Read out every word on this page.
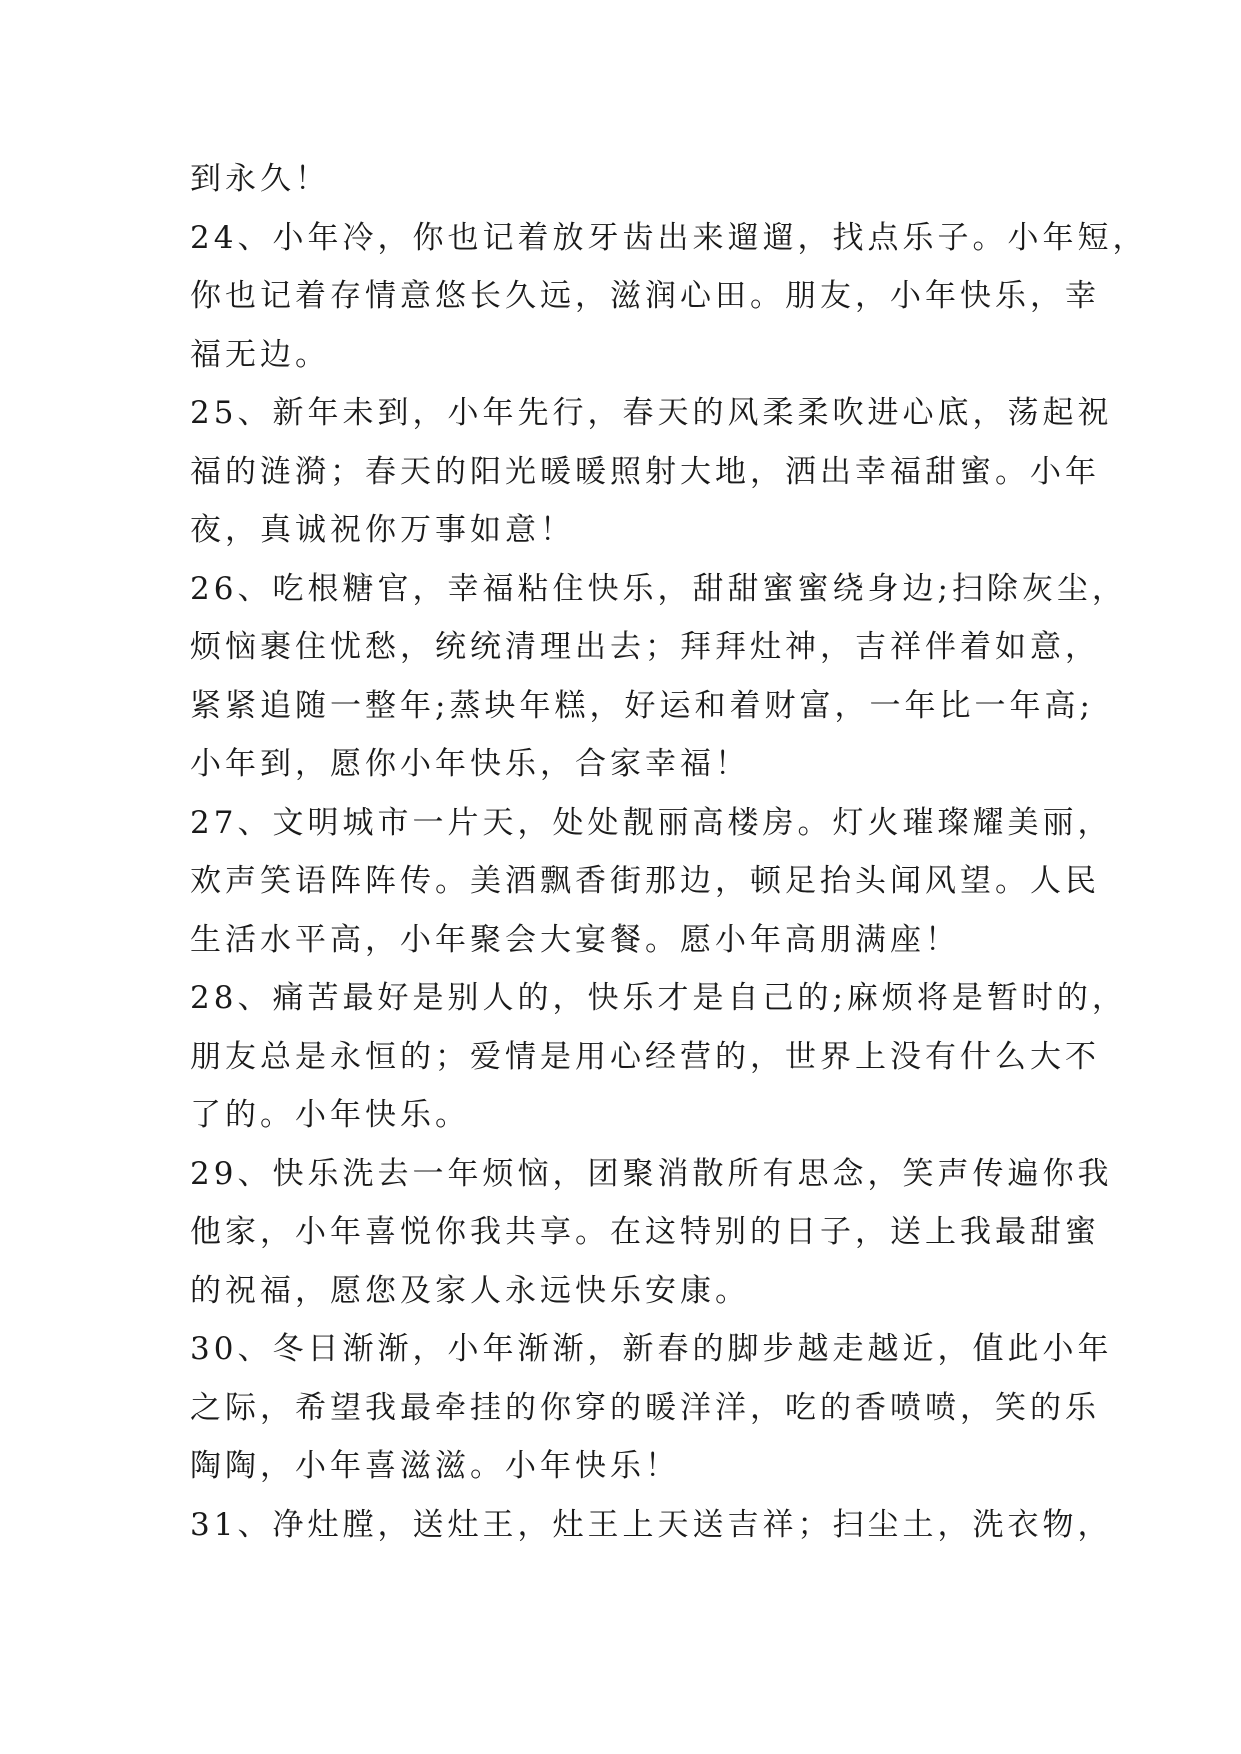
到永久！
24、小年冷，你也记着放牙齿出来遛遛，找点乐子。小年短，
你也记着存情意悠长久远，滋润心田。朋友，小年快乐，幸
福无边。
25、新年未到，小年先行，春天的风柔柔吹进心底，荡起祝
福的涟漪；春天的阳光暖暖照射大地，洒出幸福甜蜜。小年
夜，真诚祝你万事如意！
26、吃根糖官，幸福粘住快乐，甜甜蜜蜜绕身边;扫除灰尘，
烦恼裹住忧愁，统统清理出去；拜拜灶神，吉祥伴着如意，
紧紧追随一整年;蒸块年糕，好运和着财富，一年比一年高;
小年到，愿你小年快乐，合家幸福！
27、文明城市一片天，处处靓丽高楼房。灯火璀璨耀美丽，
欢声笑语阵阵传。美酒飘香街那边，顿足抬头闻风望。人民
生活水平高，小年聚会大宴餐。愿小年高朋满座！
28、痛苦最好是别人的，快乐才是自己的;麻烦将是暂时的，
朋友总是永恒的；爱情是用心经营的，世界上没有什么大不
了的。小年快乐。
29、快乐洗去一年烦恼，团聚消散所有思念，笑声传遍你我
他家，小年喜悦你我共享。在这特别的日子，送上我最甜蜜
的祝福，愿您及家人永远快乐安康。
30、冬日渐渐，小年渐渐，新春的脚步越走越近，值此小年
之际，希望我最牵挂的你穿的暖洋洋，吃的香喷喷，笑的乐
陶陶，小年喜滋滋。小年快乐！
31、净灶膛，送灶王，灶王上天送吉祥；扫尘土，洗衣物，
